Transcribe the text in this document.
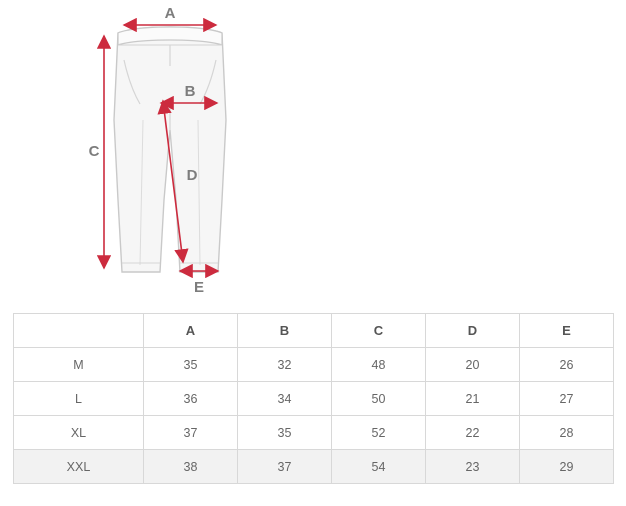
A
B
C
D
E
	A	B	C	D	E
M	35	32	48	20	26
L	36	34	50	21	27
XL	37	35	52	22	28
XXL	38	37	54	23	29
